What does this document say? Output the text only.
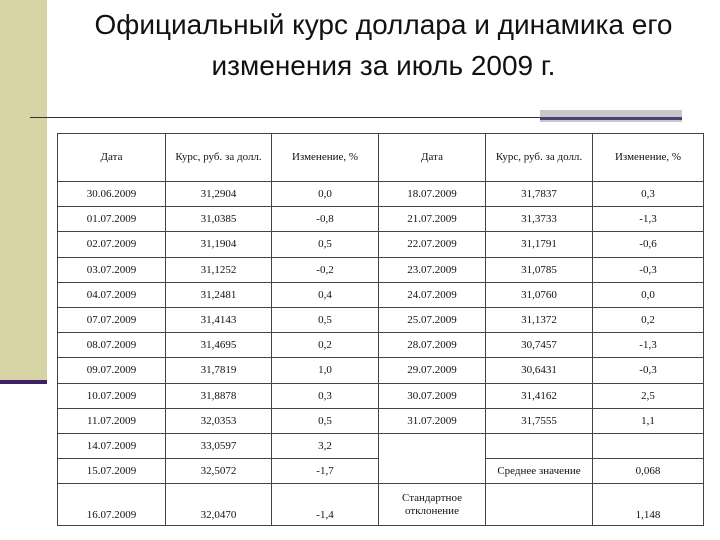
Официальный курс доллара и динамика его изменения за июль 2009 г.
Дата	Курс, руб. за долл.	Изменение, %	Дата	Курс, руб. за долл.	Изменение, %
30.06.2009	31,2904	0,0	18.07.2009	31,7837	0,3
01.07.2009	31,0385	-0,8	21.07.2009	31,3733	-1,3
02.07.2009	31,1904	0,5	22.07.2009	31,1791	-0,6
03.07.2009	31,1252	-0,2	23.07.2009	31,0785	-0,3
04.07.2009	31,2481	0,4	24.07.2009	31,0760	0,0
07.07.2009	31,4143	0,5	25.07.2009	31,1372	0,2
08.07.2009	31,4695	0,2	28.07.2009	30,7457	-1,3
09.07.2009	31,7819	1,0	29.07.2009	30,6431	-0,3
10.07.2009	31,8878	0,3	30.07.2009	31,4162	2,5
11.07.2009	32,0353	0,5	31.07.2009	31,7555	1,1
14.07.2009	33,0597	3,2			
15.07.2009	32,5072	-1,7		Среднее значение	0,068
16.07.2009	32,0470	-1,4	Стандартное отклонение		1,148
